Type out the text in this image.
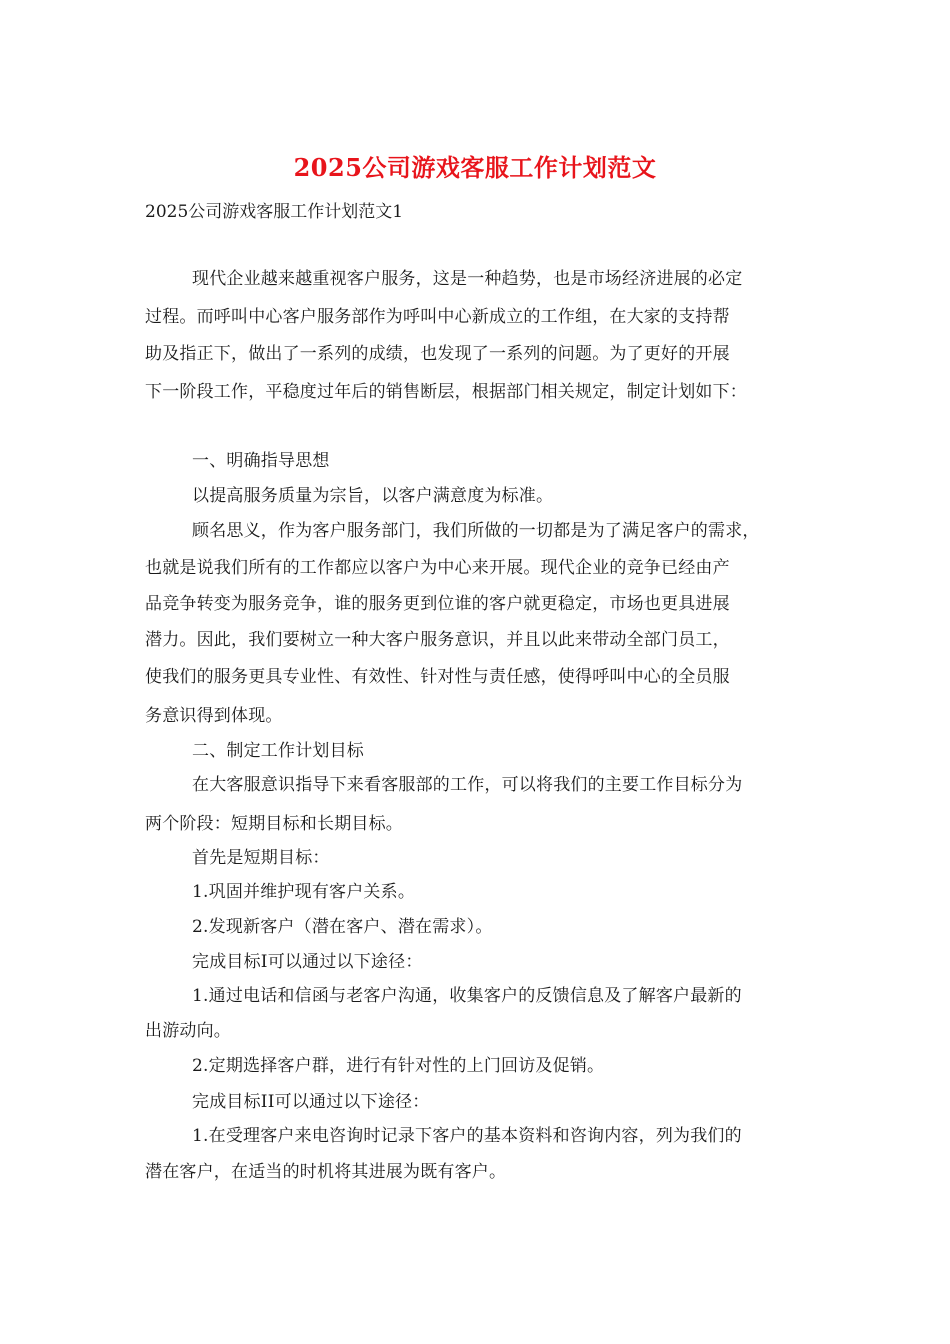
2025公司游戏客服工作计划范文
2025公司游戏客服工作计划范文1
现代企业越来越重视客户服务，这是一种趋势，也是市场经济进展的必定
过程。而呼叫中心客户服务部作为呼叫中心新成立的工作组，在大家的支持帮
助及指正下，做出了一系列的成绩，也发现了一系列的问题。为了更好的开展
下一阶段工作，平稳度过年后的销售断层，根据部门相关规定，制定计划如下：
一、明确指导思想
以提高服务质量为宗旨，以客户满意度为标准。
顾名思义，作为客户服务部门，我们所做的一切都是为了满足客户的需求，
也就是说我们所有的工作都应以客户为中心来开展。现代企业的竞争已经由产
品竞争转变为服务竞争，谁的服务更到位谁的客户就更稳定，市场也更具进展
潜力。因此，我们要树立一种大客户服务意识，并且以此来带动全部门员工，
使我们的服务更具专业性、有效性、针对性与责任感，使得呼叫中心的全员服
务意识得到体现。
二、制定工作计划目标
在大客服意识指导下来看客服部的工作，可以将我们的主要工作目标分为
两个阶段：短期目标和长期目标。
首先是短期目标：
1.巩固并维护现有客户关系。
2.发现新客户（潜在客户、潜在需求）。
完成目标I可以通过以下途径：
1.通过电话和信函与老客户沟通，收集客户的反馈信息及了解客户最新的
出游动向。
2.定期选择客户群，进行有针对性的上门回访及促销。
完成目标II可以通过以下途径：
1.在受理客户来电咨询时记录下客户的基本资料和咨询内容，列为我们的
潜在客户，在适当的时机将其进展为既有客户。
